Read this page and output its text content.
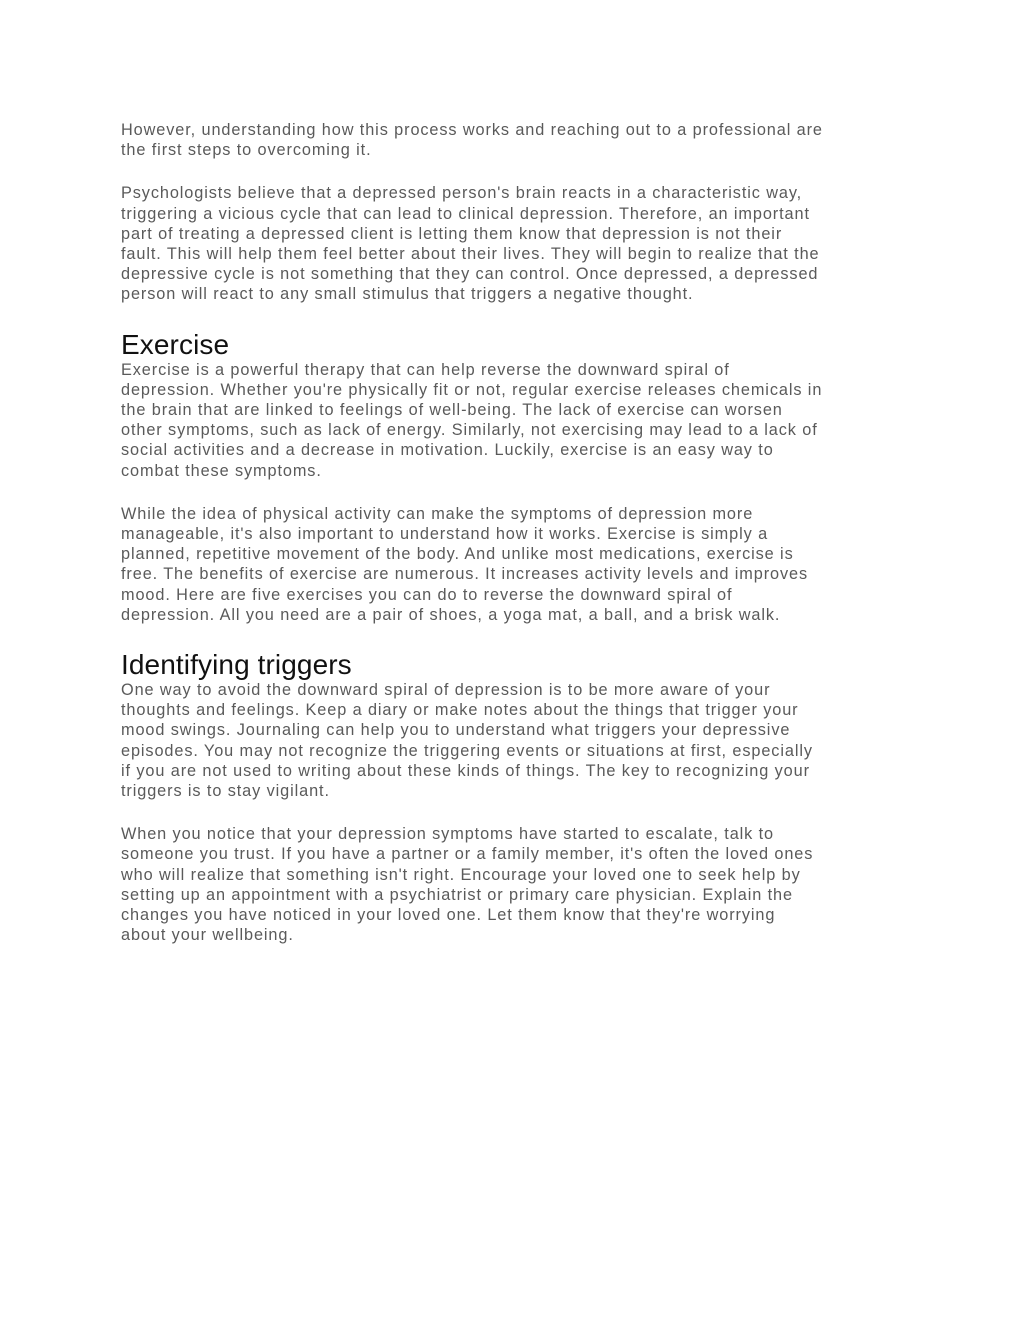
However, understanding how this process works and reaching out to a professional are
the first steps to overcoming it.

Psychologists believe that a depressed person's brain reacts in a characteristic way,
triggering a vicious cycle that can lead to clinical depression. Therefore, an important
part of treating a depressed client is letting them know that depression is not their
fault. This will help them feel better about their lives. They will begin to realize that the
depressive cycle is not something that they can control. Once depressed, a depressed
person will react to any small stimulus that triggers a negative thought.

Exercise

Exercise is a powerful therapy that can help reverse the downward spiral of
depression. Whether you're physically fit or not, regular exercise releases chemicals in
the brain that are linked to feelings of well-being. The lack of exercise can worsen
other symptoms, such as lack of energy. Similarly, not exercising may lead to a lack of
social activities and a decrease in motivation. Luckily, exercise is an easy way to
combat these symptoms.

While the idea of physical activity can make the symptoms of depression more
manageable, it's also important to understand how it works. Exercise is simply a
planned, repetitive movement of the body. And unlike most medications, exercise is
free. The benefits of exercise are numerous. It increases activity levels and improves
mood. Here are five exercises you can do to reverse the downward spiral of
depression. All you need are a pair of shoes, a yoga mat, a ball, and a brisk walk.

Identifying triggers

One way to avoid the downward spiral of depression is to be more aware of your
thoughts and feelings. Keep a diary or make notes about the things that trigger your
mood swings. Journaling can help you to understand what triggers your depressive
episodes. You may not recognize the triggering events or situations at first, especially
if you are not used to writing about these kinds of things. The key to recognizing your
triggers is to stay vigilant.

When you notice that your depression symptoms have started to escalate, talk to
someone you trust. If you have a partner or a family member, it's often the loved ones
who will realize that something isn't right. Encourage your loved one to seek help by
setting up an appointment with a psychiatrist or primary care physician. Explain the
changes you have noticed in your loved one. Let them know that they're worrying
about your wellbeing.
